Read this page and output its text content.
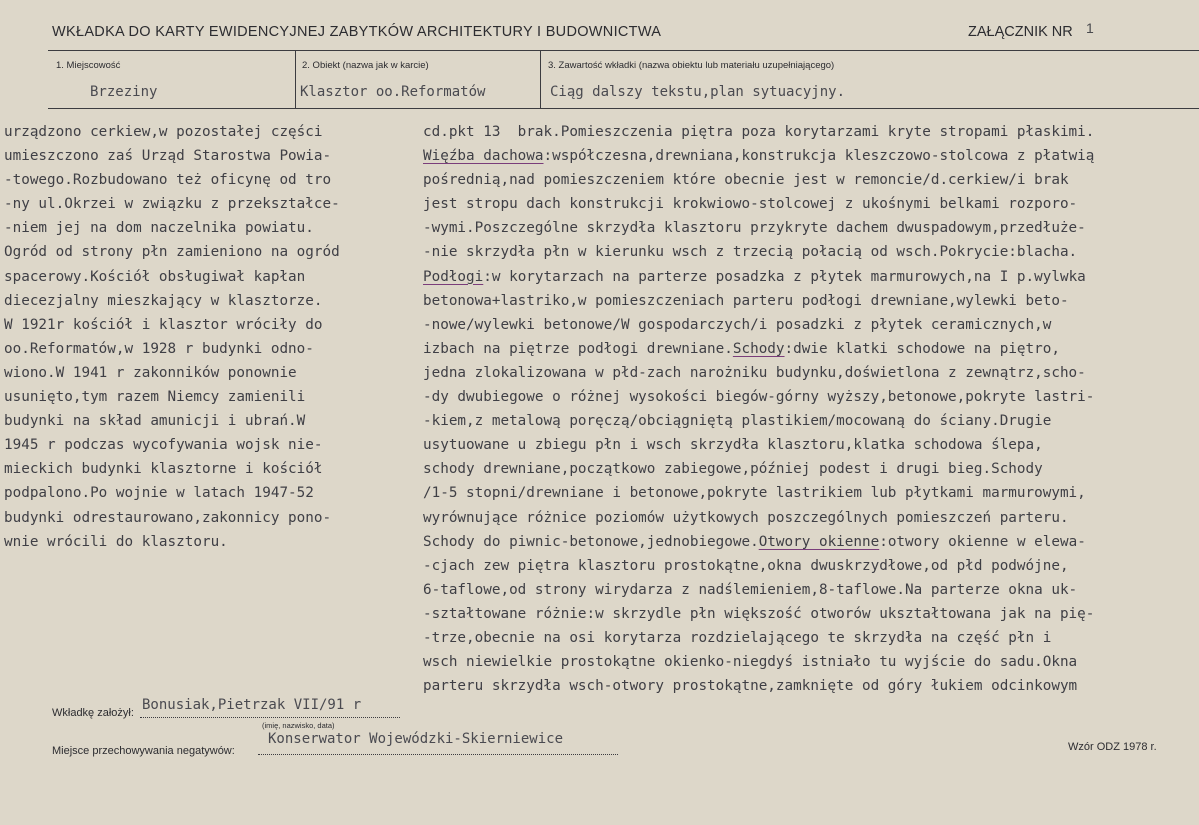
WKŁADKA DO KARTY EWIDENCYJNEJ ZABYTKÓW ARCHITEKTURY I BUDOWNICTWA	ZAŁĄCZNIK NR 1
1. Miejscowość
Brzeziny
2. Obiekt (nazwa jak w karcie)
Klasztor oo.Reformatów
3. Zawartość wkładki (nazwa obiektu lub materiału uzupełniającego)
Ciąg dalszy tekstu,plan sytuacyjny.
urządzono cerkiew,w pozostałej części
umieszczono zaś Urząd Starostwa Powia-
-towego.Rozbudowano też oficynę od tro
-ny ul.Okrzei w związku z przekształce-
-niem jej na dom naczelnika powiatu.
Ogród od strony płn zamieniono na ogród
spacerowy.Kościół obsługiwał kapłan
diecezjalny mieszkający w klasztorze.
W 1921r kościół i klasztor wróciły do
oo.Reformatów,w 1928 r budynki odno-
wiono.W 1941 r zakonników ponownie
usunięto,tym razem Niemcy zamienili
budynki na skład amunicji i ubrań.W
1945 r podczas wycofywania wojsk nie-
mieckich budynki klasztorne i kościół
podpalono.Po wojnie w latach 1947-52
budynki odrestaurowano,zakonnicy pono-
wnie wrócili do klasztoru.
cd.pkt 13  brak.Pomieszczenia piętra poza korytarzami kryte stropami płaskimi.
Więźba dachowa:współczesna,drewniana,konstrukcja kleszczowo-stolcowa z płatwią
pośrednią,nad pomieszczeniem które obecnie jest w remoncie/d.cerkiew/i brak
jest stropu dach konstrukcji krokwiowo-stolcowej z ukośnymi belkami rozporo-
-wymi.Poszczególne skrzydła klasztoru przykryte dachem dwuspadowym,przedłuże-
-nie skrzydła płn w kierunku wsch z trzecią połacią od wsch.Pokrycie:blacha.
Podłogi:w korytarzach na parterze posadzka z płytek marmurowych,na I p.wylwka
betonowa+lastriko,w pomieszczeniach parteru podłogi drewniane,wylewki beto-
-nowe/wylewki betonowe/W gospodarczych/i posadzki z płytek ceramicznych,w
izbach na piętrze podłogi drewniane.Schody:dwie klatki schodowe na piętro,
jedna zlokalizowana w płd-zach narożniku budynku,doświetlona z zewnątrz,scho-
-dy dwubiegowe o różnej wysokości biegów-górny wyższy,betonowe,pokryte lastri-
-kiem,z metalową poręczą/obciągniętą plastikiem/mocowaną do ściany.Drugie
usytuowane u zbiegu płn i wsch skrzydła klasztoru,klatka schodowa ślepa,
schody drewniane,początkowo zabiegowe,później podest i drugi bieg.Schody
/1-5 stopni/drewniane i betonowe,pokryte lastrikiem lub płytkami marmurowymi,
wyrównujące różnice poziomów użytkowych poszczególnych pomieszczeń parteru.
Schody do piwnic-betonowe,jednobiegowe.Otwory okienne:otwory okienne w elewa-
-cjach zew piętra klasztoru prostokątne,okna dwuskrzydłowe,od płd podwójne,
6-taflowe,od strony wirydarza z nadślemieniem,8-taflowe.Na parterze okna uk-
-ształtowane różnie:w skrzydle płn większość otworów ukształtowana jak na pię-
-trze,obecnie na osi korytarza rozdzielającego te skrzydła na część płn i
wsch niewielkie prostokątne okienko-niegdyś istniało tu wyjście do sadu.Okna
parteru skrzydła wsch-otwory prostokątne,zamknięte od góry łukiem odcinkowym
Wkładkę założył: Bonusiak,Pietrzak VII/91 r
(imię, nazwisko, data)
Miejsce przechowywania negatywów:
Konserwator Wojewódzki-Skierniewice	Wzór ODZ 1978 r.
